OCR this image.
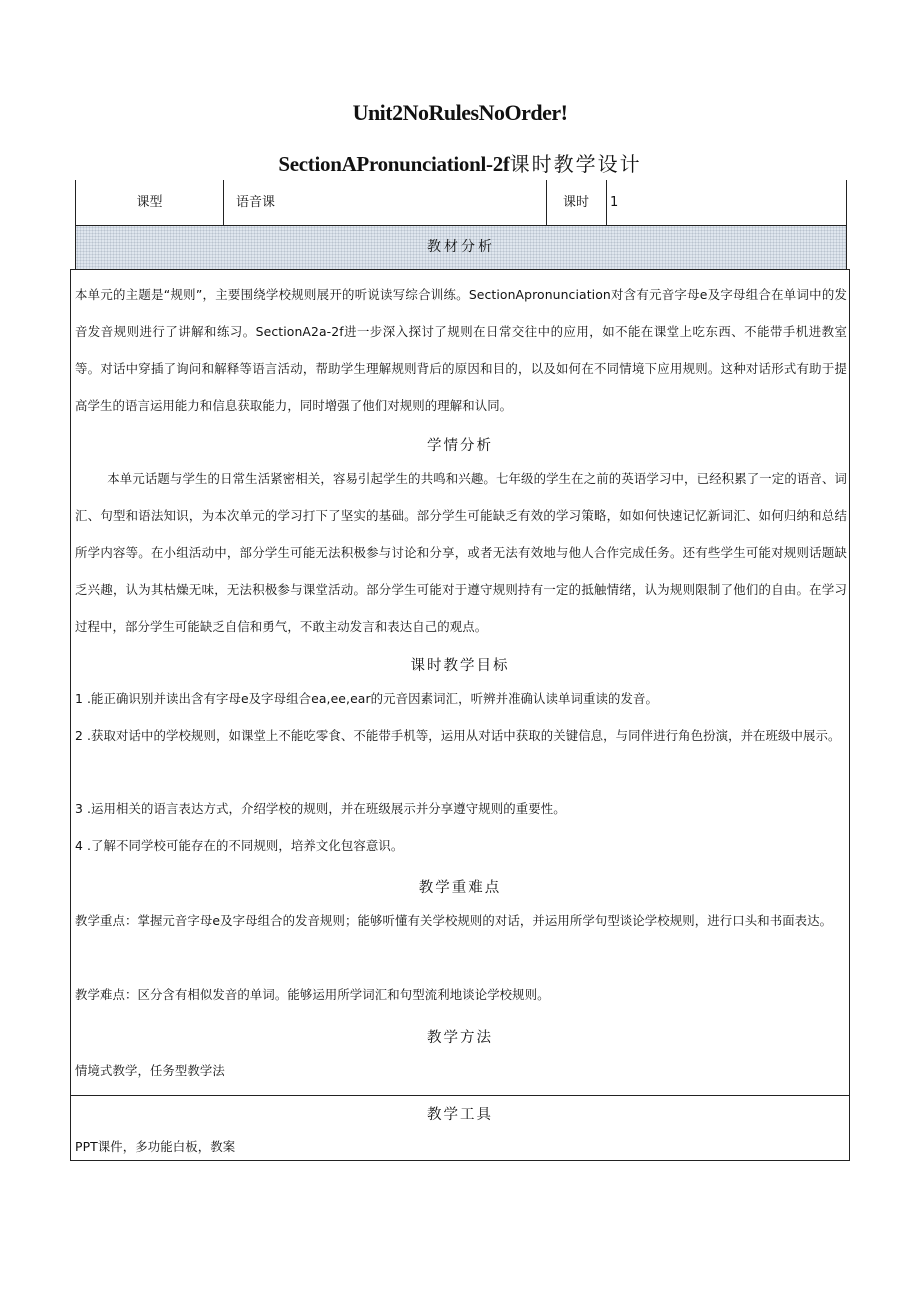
Unit2NoRulesNoOrder!
SectionAPronunciationl-2f课时教学设计
课型	语音课	课时	1
教材分析
本单元的主题是“规则”，主要围绕学校规则展开的听说读写综合训练。SectionApronunciation对含有元音字母e及字母组合在单词中的发音发音规则进行了讲解和练习。SectionA2a-2f进一步深入探讨了规则在日常交往中的应用，如不能在课堂上吃东西、不能带手机进教室等。对话中穿插了询问和解释等语言活动，帮助学生理解规则背后的原因和目的，以及如何在不同情境下应用规则。这种对话形式有助于提高学生的语言运用能力和信息获取能力，同时增强了他们对规则的理解和认同。
学情分析
本单元话题与学生的日常生活紧密相关，容易引起学生的共鸣和兴趣。七年级的学生在之前的英语学习中，已经积累了一定的语音、词汇、句型和语法知识，为本次单元的学习打下了坚实的基础。部分学生可能缺乏有效的学习策略，如如何快速记忆新词汇、如何归纳和总结所学内容等。在小组活动中，部分学生可能无法积极参与讨论和分享，或者无法有效地与他人合作完成任务。还有些学生可能对规则话题缺乏兴趣，认为其枯燥无味，无法积极参与课堂活动。部分学生可能对于遵守规则持有一定的抵触情绪，认为规则限制了他们的自由。在学习过程中，部分学生可能缺乏自信和勇气，不敢主动发言和表达自己的观点。
课时教学目标
1 .能正确识别并读出含有字母e及字母组合ea,ee,ear的元音因素词汇，听辨并准确认读单词重读的发音。
2 .获取对话中的学校规则，如课堂上不能吃零食、不能带手机等，运用从对话中获取的关键信息，与同伴进行角色扮演，并在班级中展示。
3 .运用相关的语言表达方式，介绍学校的规则，并在班级展示并分享遵守规则的重要性。
4 .了解不同学校可能存在的不同规则，培养文化包容意识。
教学重难点
教学重点：掌握元音字母e及字母组合的发音规则；能够听懂有关学校规则的对话，并运用所学句型谈论学校规则，进行口头和书面表达。
教学难点：区分含有相似发音的单词。能够运用所学词汇和句型流利地谈论学校规则。
教学方法
情境式教学，任务型教学法
教学工具
PPT课件，多功能白板，教案
